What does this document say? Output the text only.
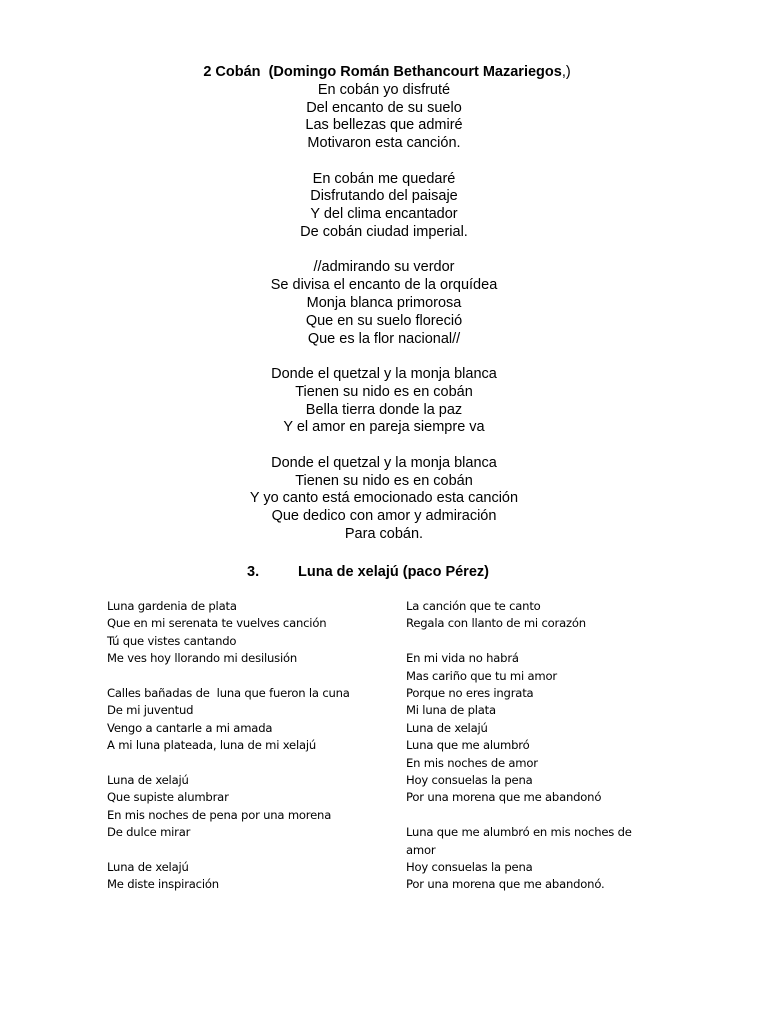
2 Cobán (Domingo Román Bethancourt Mazariegos,)
En cobán yo disfruté
Del encanto de su suelo
Las bellezas que admiré
Motivaron esta canción.
En cobán me quedaré
Disfrutando del paisaje
Y del clima encantador
De cobán ciudad imperial.
//admirando su verdor
Se divisa el encanto de la orquídea
Monja blanca primorosa
Que en su suelo floreció
Que es la flor nacional//
Donde el quetzal y la monja blanca
Tienen su nido es en cobán
Bella tierra donde la paz
Y el amor en pareja siempre va
Donde el quetzal y la monja blanca
Tienen su nido es en cobán
Y yo canto está emocionado esta canción
Que dedico con amor y admiración
Para cobán.
3.	Luna de xelajú (paco Pérez)
Luna gardenia de plata
Que en mi serenata te vuelves canción
Tú que vistes cantando
Me ves hoy llorando mi desilusión
Calles bañadas de  luna que fueron la cuna
De mi juventud
Vengo a cantarle a mi amada
A mi luna plateada, luna de mi xelajú
Luna de xelajú
Que supiste alumbrar
En mis noches de pena por una morena
De dulce mirar
Luna de xelajú
Me diste inspiración
La canción que te canto
Regala con llanto de mi corazón
En mi vida no habrá
Mas cariño que tu mi amor
Porque no eres ingrata
Mi luna de plata
Luna de xelajú
Luna que me alumbró
En mis noches de amor
Hoy consuelas la pena
Por una morena que me abandonó
Luna que me alumbró en mis noches de amor
Hoy consuelas la pena
Por una morena que me abandonó.
